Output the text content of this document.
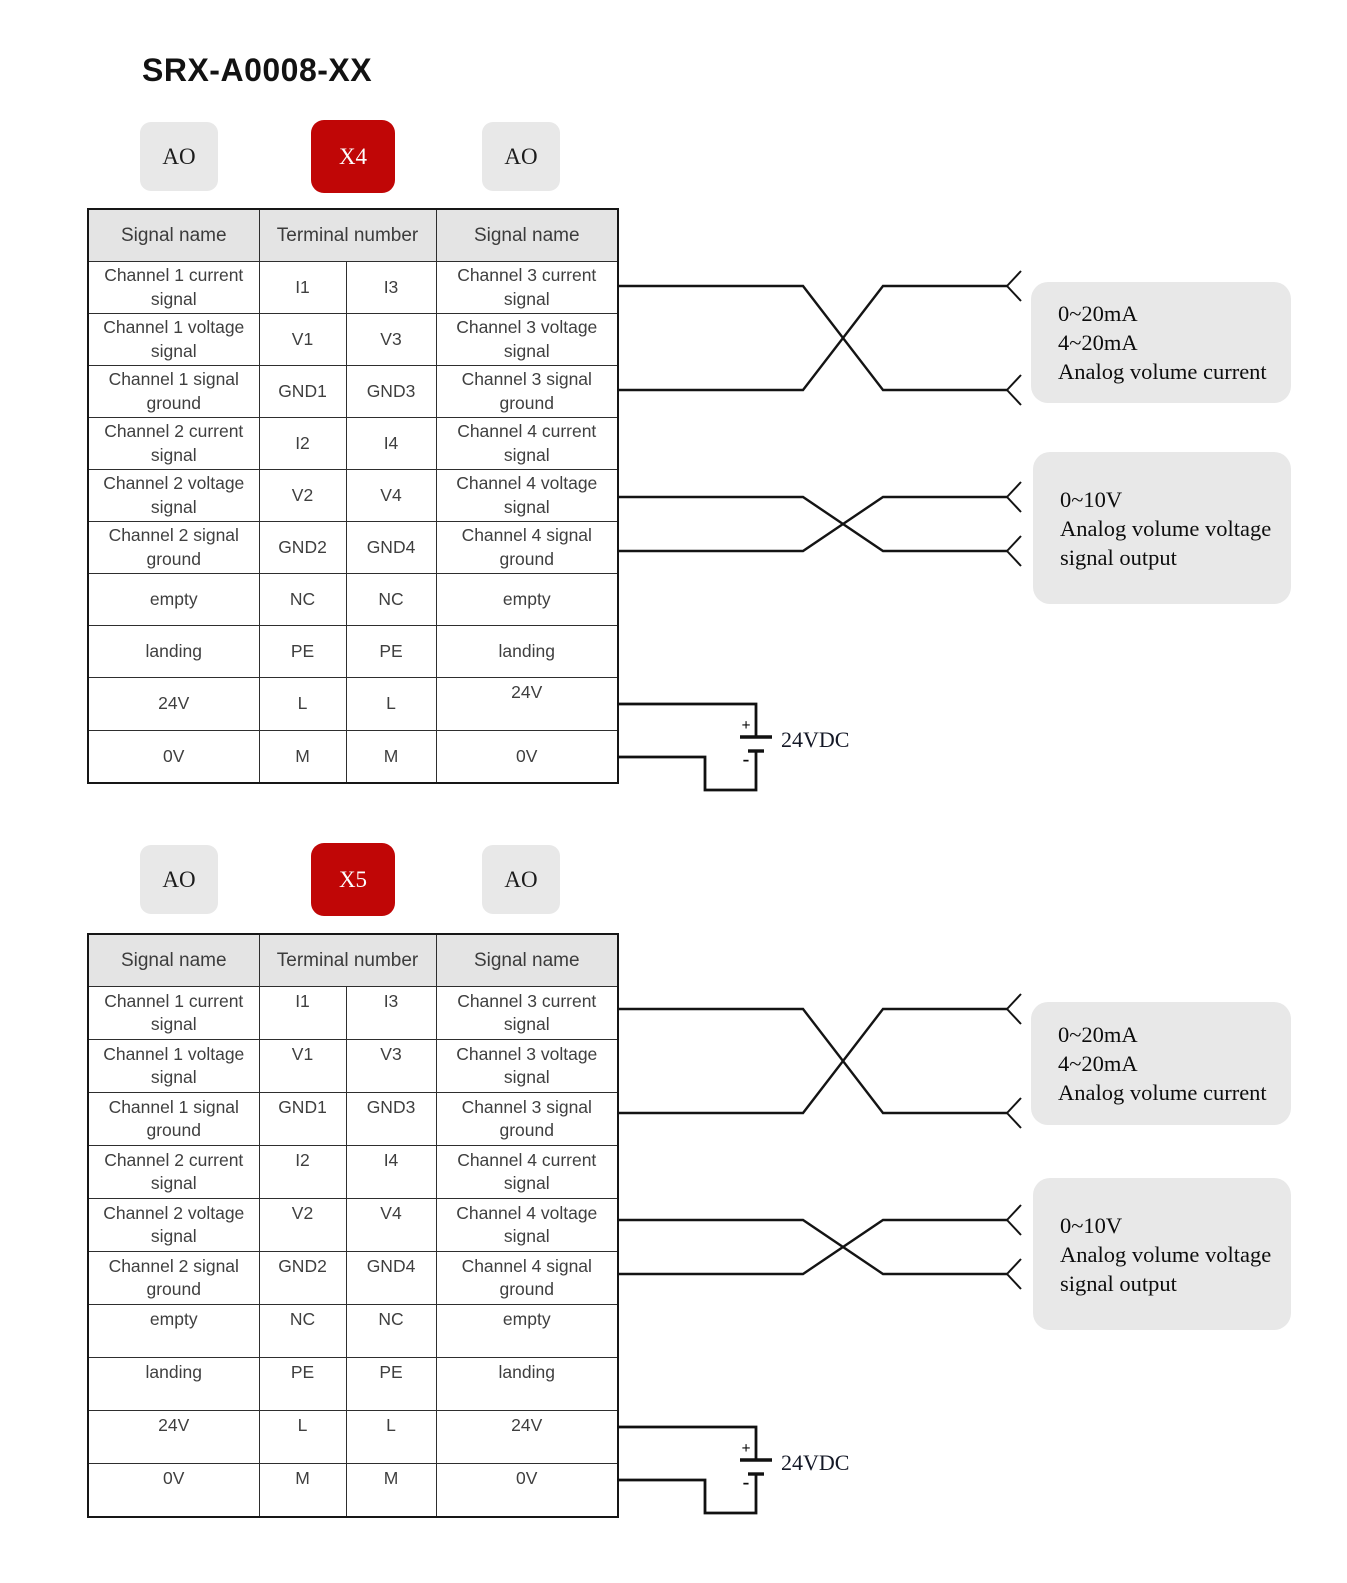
SRX-A0008-XX
AO	X4	AO
Signal name	Terminal number		Signal name
Channel 1 current signal	I1	I3	Channel 3 current signal
Channel 1 voltage signal	V1	V3	Channel 3 voltage signal
Channel 1 signal ground	GND1	GND3	Channel 3 signal ground
Channel 2 current signal	I2	I4	Channel 4 current signal
Channel 2 voltage signal	V2	V4	Channel 4 voltage signal
Channel 2 signal ground	GND2	GND4	Channel 4 signal ground
empty	NC	NC	empty
landing	PE	PE	landing
24V	L	L	24V
0V	M	M	0V
0~20mA
4~20mA
Analog volume current
0~10V
Analog volume voltage
signal output
+
-
24VDC
AO	X5	AO
Signal name	Terminal number		Signal name
Channel 1 current signal	I1	I3	Channel 3 current signal
Channel 1 voltage signal	V1	V3	Channel 3 voltage signal
Channel 1 signal ground	GND1	GND3	Channel 3 signal ground
Channel 2 current signal	I2	I4	Channel 4 current signal
Channel 2 voltage signal	V2	V4	Channel 4 voltage signal
Channel 2 signal ground	GND2	GND4	Channel 4 signal ground
empty	NC	NC	empty
landing	PE	PE	landing
24V	L	L	24V
0V	M	M	0V
0~20mA
4~20mA
Analog volume current
0~10V
Analog volume voltage
signal output
+
-
24VDC
